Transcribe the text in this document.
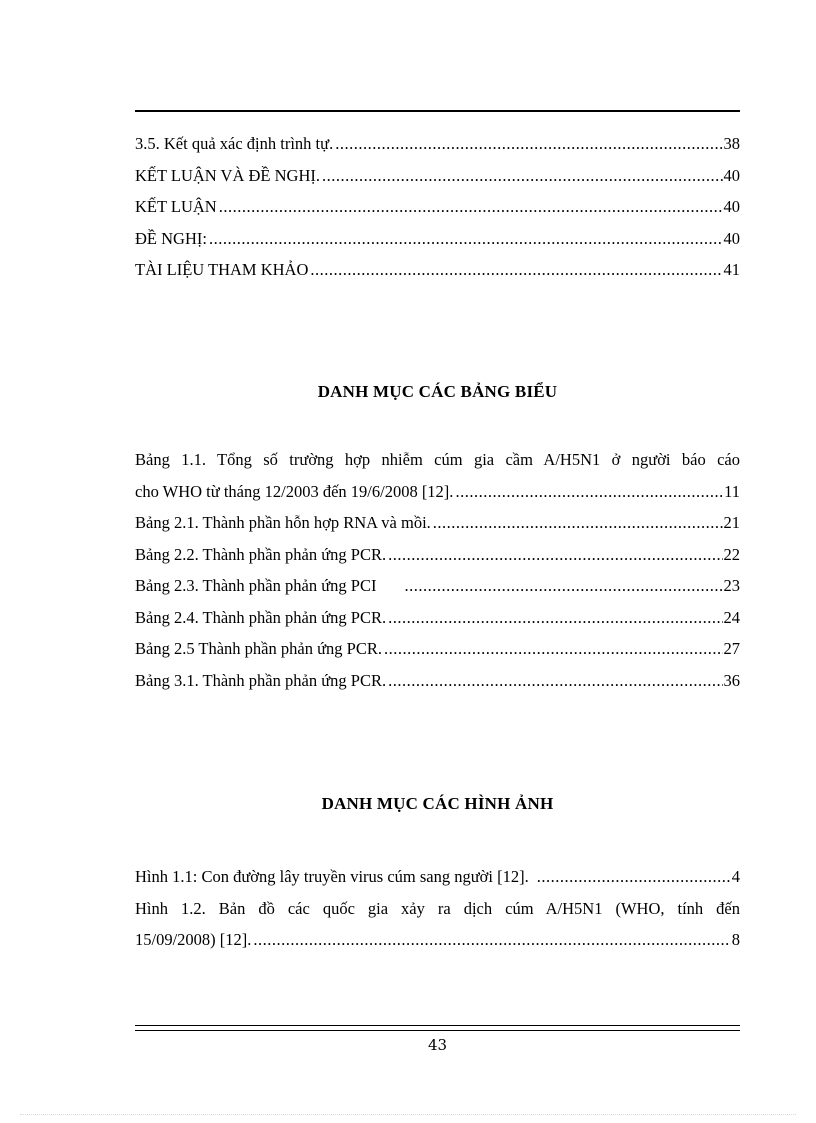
3.5. Kết quả xác định trình tự. .....	38
KẾT LUẬN VÀ ĐỀ NGHỊ. .....	40
KẾT LUẬN .....	40
ĐỀ NGHỊ: .....	40
TÀI LIỆU THAM KHẢO .....	41
DANH MỤC CÁC BẢNG BIỂU
Bảng 1.1. Tổng số trường hợp nhiễm cúm gia cầm A/H5N1 ở người báo cáo
cho WHO từ tháng 12/2003 đến 19/6/2008 [12]. .....	11
Bảng 2.1. Thành phần hỗn hợp RNA và mồi. .....	21
Bảng 2.2. Thành phần phản ứng PCR. .....	22
Bảng 2.3. Thành phần phản ứng PCI .....	23
Bảng 2.4. Thành phần phản ứng PCR. .....	24
Bảng 2.5 Thành phần phản ứng PCR. .....	27
Bảng 3.1. Thành phần phản ứng PCR. .....	36
DANH MỤC CÁC HÌNH ẢNH
Hình 1.1: Con đường lây truyền virus cúm sang người [12]. .....	4
Hình 1.2. Bản đồ các quốc gia xảy ra dịch cúm A/H5N1 (WHO, tính đến
15/09/2008) [12]. .....	8
43
